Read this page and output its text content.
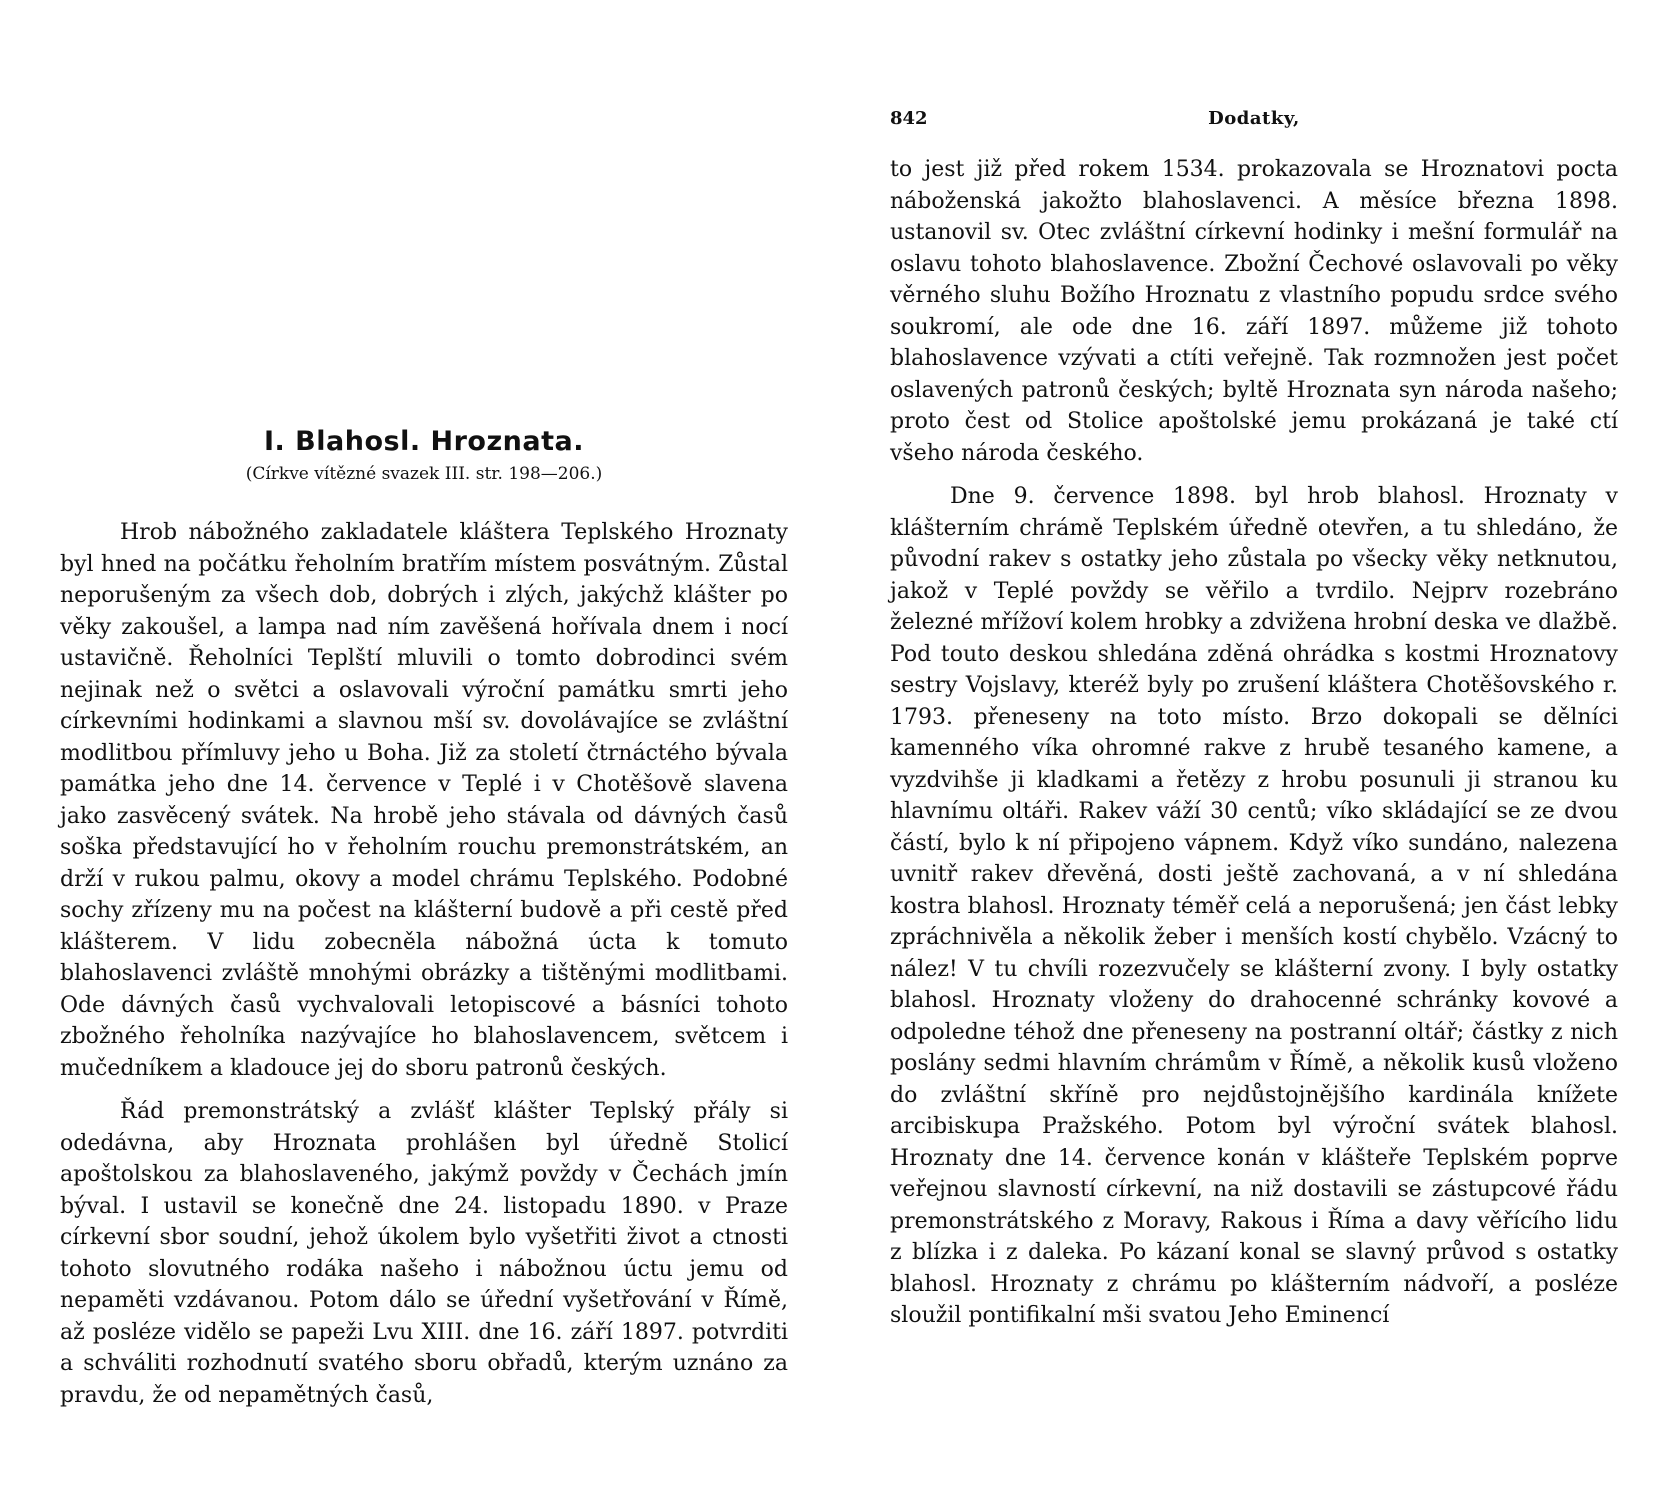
I. Blahosl. Hroznata.

(Církve vítězné svazek III. str. 198—206.)

Hrob nábožného zakladatele kláštera Teplského Hroznaty byl hned na počátku řeholním bratřím místem posvátným. Zůstal neporušeným za všech dob, dobrých i zlých, jakýchž klášter po věky zakoušel, a lampa nad ním zavěšená hořívala dnem i nocí ustavičně. Řeholníci Teplští mluvili o tomto dobrodinci svém nejinak než o světci a oslavovali výroční památku smrti jeho církevními hodinkami a slavnou mší sv. dovolávajíce se zvláštní modlitbou přímluvy jeho u Boha. Již za století čtrnáctého bývala památka jeho dne 14. července v Teplé i v Chotěšově slavena jako zasvěcený svátek. Na hrobě jeho stávala od dávných časů soška představující ho v řeholním rouchu premonstrátském, an drží v rukou palmu, okovy a model chrámu Teplského. Podobné sochy zřízeny mu na počest na klášterní budově a při cestě před klášterem. V lidu zobecněla nábožná úcta k tomuto blahoslavenci zvláště mnohými obrázky a tištěnými modlitbami. Ode dávných časů vychvalovali letopiscové a básníci tohoto zbožného řeholníka nazývajíce ho blahoslavencem, světcem i mučedníkem a kladouce jej do sboru patronů českých.

Řád premonstrátský a zvlášť klášter Teplský přály si odedávna, aby Hroznata prohlášen byl úředně Stolicí apoštolskou za blahoslaveného, jakýmž povždy v Čechách jmín býval. I ustavil se konečně dne 24. listopadu 1890. v Praze církevní sbor soudní, jehož úkolem bylo vyšetřiti život a ctnosti tohoto slovutného rodáka našeho i nábožnou úctu jemu od nepaměti vzdávanou. Potom dálo se úřední vyšetřování v Římě, až posléze vidělo se papeži Lvu XIII. dne 16. září 1897. potvrditi a schváliti rozhodnutí svatého sboru obřadů, kterým uznáno za pravdu, že od nepamětných časů,

842	Dodatky,

to jest již před rokem 1534. prokazovala se Hroznatovi pocta náboženská jakožto blahoslavenci. A měsíce března 1898. ustanovil sv. Otec zvláštní církevní hodinky i mešní formulář na oslavu tohoto blahoslavence. Zbožní Čechové oslavovali po věky věrného sluhu Božího Hroznatu z vlastního popudu srdce svého soukromí, ale ode dne 16. září 1897. můžeme již tohoto blahoslavence vzývati a ctíti veřejně. Tak rozmnožen jest počet oslavených patronů českých; byltě Hroznata syn národa našeho; proto čest od Stolice apoštolské jemu prokázaná je také ctí všeho národa českého.

Dne 9. července 1898. byl hrob blahosl. Hroznaty v klášterním chrámě Teplském úředně otevřen, a tu shledáno, že původní rakev s ostatky jeho zůstala po všecky věky netknutou, jakož v Teplé povždy se věřilo a tvrdilo. Nejprv rozebráno železné mřížoví kolem hrobky a zdvižena hrobní deska ve dlažbě. Pod touto deskou shledána zděná ohrádka s kostmi Hroznatovy sestry Vojslavy, kteréž byly po zrušení kláštera Chotěšovského r. 1793. přeneseny na toto místo. Brzo dokopali se dělníci kamenného víka ohromné rakve z hrubě tesaného kamene, a vyzdvihše ji kladkami a řetězy z hrobu posunuli ji stranou ku hlavnímu oltáři. Rakev váží 30 centů; víko skládající se ze dvou částí, bylo k ní připojeno vápnem. Když víko sundáno, nalezena uvnitř rakev dřevěná, dosti ještě zachovaná, a v ní shledána kostra blahosl. Hroznaty téměř celá a neporušená; jen část lebky zpráchnivěla a několik žeber i menších kostí chybělo. Vzácný to nález! V tu chvíli rozezvučely se klášterní zvony. I byly ostatky blahosl. Hroznaty vloženy do drahocenné schránky kovové a odpoledne téhož dne přeneseny na postranní oltář; částky z nich poslány sedmi hlavním chrámům v Římě, a několik kusů vloženo do zvláštní skříně pro nejdůstojnějšího kardinála knížete arcibiskupa Pražského. Potom byl výroční svátek blahosl. Hroznaty dne 14. července konán v klášteře Teplském poprve veřejnou slavností církevní, na niž dostavili se zástupcové řádu premonstrátského z Moravy, Rakous i Říma a davy věřícího lidu z blízka i z daleka. Po kázaní konal se slavný průvod s ostatky blahosl. Hroznaty z chrámu po klášterním nádvoří, a posléze sloužil pontifikalní mši svatou Jeho Eminencí
